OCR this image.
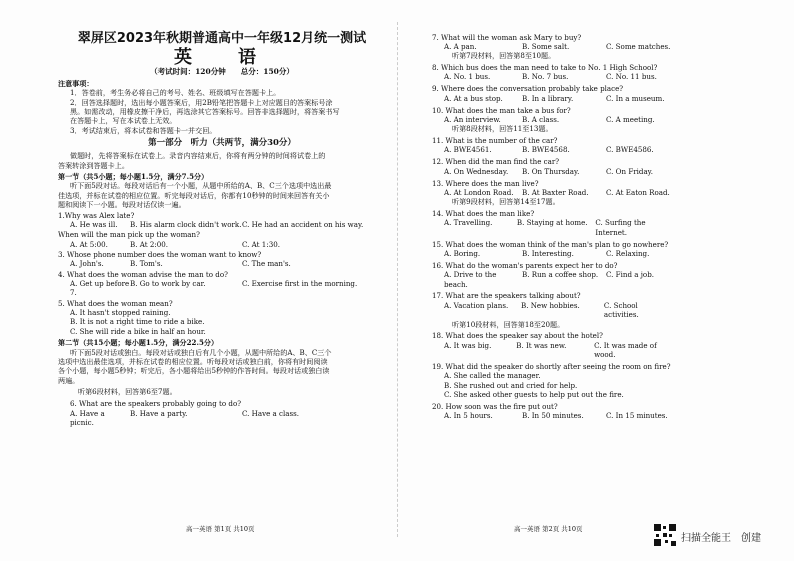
翠屏区2023年秋期普通高中一年级12月统一测试
英　语
（考试时间：120分钟　　总分：150分）
注意事项：
1．答卷前，考生务必将自己的考号、姓名、班级填写在答题卡上。
2．回答选择题时，选出每小题答案后，用2B铅笔把答题卡上对应题目的答案标号涂
黑。如需改动，用橡皮擦干净后，再选涂其它答案标号。回答非选择题时，将答案书写
在答题卡上，写在本试卷上无效。
3．考试结束后，将本试卷和答题卡一并交回。
第一部分　听力（共两节，满分30分）
做题时，先将答案标在试卷上。录音内容结束后，你将有两分钟的时间将试卷上的
答案转涂到答题卡上。
第一节（共5小题；每小题1.5分，满分7.5分）
听下面5段对话。每段对话后有一个小题，从题中所给的A、B、C三个选项中选出最
佳选项，并标在试卷的相应位置。听完每段对话后，你都有10秒钟的时间来回答有关小
题和阅读下一小题。每段对话仅读一遍。
1.Why was Alex late?
A. He was ill.	B. His alarm clock didn't work. C. He had an accident on his way.
When will the man pick up the woman?
A. At 5:00.	B. At 2:00.	C. At 1:30.
3. Whose phone number does the woman want to know?
A. John's.	B. Tom's.	C. The man's.
4. What does the woman advise the man to do?
A. Get up before 7.
B. Go to work by car.	C. Exercise first in the morning.
5. What does the woman mean?
A. It hasn't stopped raining.
B. It is not a right time to ride a bike.
C. She will ride a bike in half an hour.
第二节（共15小题；每小题1.5分，满分22.5分）
听下面5段对话或独白。每段对话或独白后有几个小题，从题中所给的A、B、C三个
选项中选出最佳选项，并标在试卷的相应位置。听每段对话或独白前，你将有时间阅读
各个小题，每小题5秒钟；听完后，各小题将给出5秒钟的作答时间。每段对话或独白读
两遍。
听第6段材料，回答第6至7题。
6. What are the speakers probably going to do?
A. Have a picnic.
B. Have a party.	C. Have a class.
高一英语 第1页 共10页
7. What will the woman ask Mary to buy?
A. A pan.	B. Some salt.	C. Some matches.
听第7段材料，回答第8至10题。
8. Which bus does the man need to take to No. 1 High School?
A. No. 1 bus.	B. No. 7 bus.	C. No. 11 bus.
9. Where does the conversation probably take place?
A. At a bus stop.	B. In a library.	C. In a museum.
10. What does the man take a bus for?
A. An interview.	B. A class.	C. A meeting.
听第8段材料，回答11至13题。
11. What is the number of the car?
A. BWE4561.	B. BWE4568.	C. BWE4586.
12. When did the man find the car?
A. On Wednesday.	B. On Thursday.	C. On Friday.
13. Where does the man live?
A. At London Road.	B. At Baxter Road.	C. At Eaton Road.
听第9段材料，回答第14至17题。
14. What does the man like?
A. Travelling.	B. Staying at home.	C. Surfing the Internet.
15. What does the woman think of the man's plan to go nowhere?
A. Boring.	B. Interesting.	C. Relaxing.
16. What do the woman's parents expect her to do?
A. Drive to the beach.
B. Run a coffee shop.	C. Find a job.
17. What are the speakers talking about?
A. Vacation plans.	B. New hobbies.	C. School activities.
听第10段材料，回答第18至20题。
18. What does the speaker say about the hotel?
A. It was big.	B. It was new.	C. It was made of wood.
19. What did the speaker do shortly after seeing the room on fire?
A. She called the manager.
B. She rushed out and cried for help.
C. She asked other guests to help put out the fire.
20. How soon was the fire put out?
A. In 5 hours.	B. In 50 minutes.	C. In 15 minutes.
高一英语 第2页 共10页
扫描全能王　创建
